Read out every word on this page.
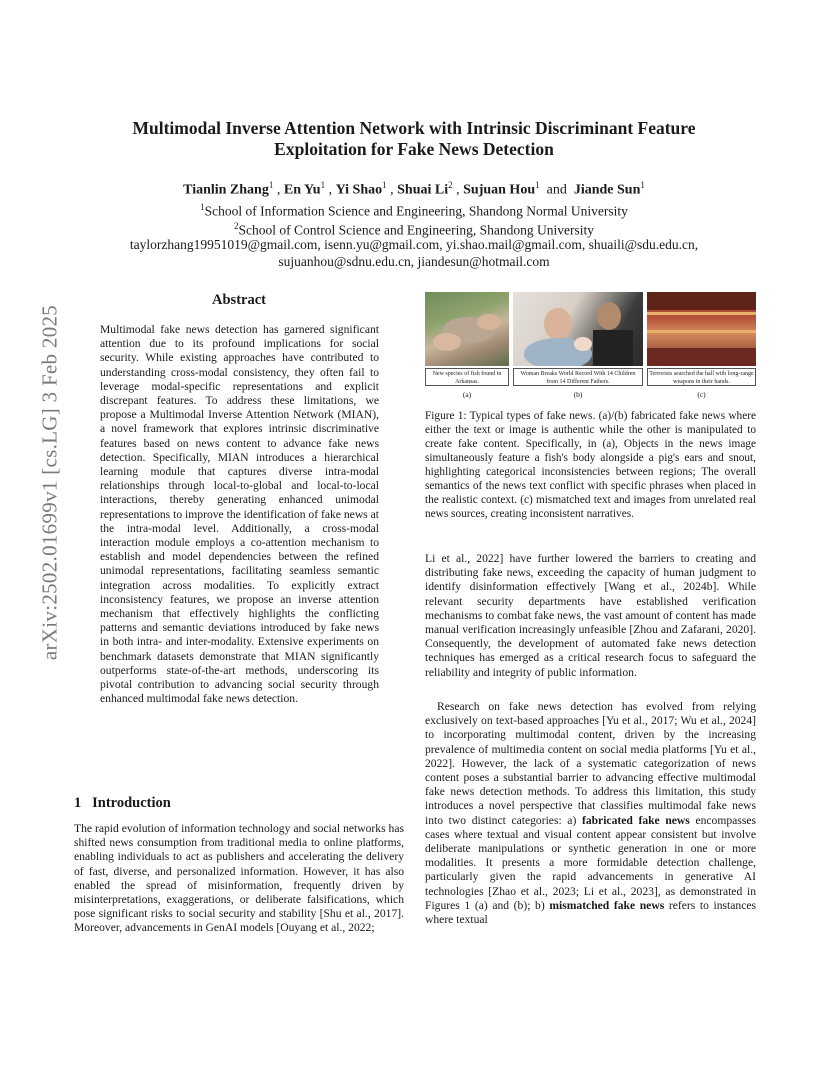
Multimodal Inverse Attention Network with Intrinsic Discriminant Feature
Exploitation for Fake News Detection
Tianlin Zhang$^1$ , En Yu$^1$ , Yi Shao$^1$ , Shuai Li$^2$ , Sujuan Hou$^1$ and Jiande Sun$^1$
$^1$School of Information Science and Engineering, Shandong Normal University
$^2$School of Control Science and Engineering, Shandong University
taylorzhang19951019@gmail.com, isenn.yu@gmail.com, yi.shao.mail@gmail.com, shuaili@sdu.edu.cn,
sujuanhou@sdnu.edu.cn, jiandesun@hotmail.com
arXiv:2502.01699v1 [cs.LG] 3 Feb 2025
Abstract
Multimodal fake news detection has garnered significant attention due to its profound implications for social security. While existing approaches have contributed to understanding cross-modal consistency, they often fail to leverage modal-specific representations and explicit discrepant features. To address these limitations, we propose a Multimodal Inverse Attention Network (MIAN), a novel framework that explores intrinsic discriminative features based on news content to advance fake news detection. Specifically, MIAN introduces a hierarchical learning module that captures diverse intra-modal relationships through local-to-global and local-to-local interactions, thereby generating enhanced unimodal representations to improve the identification of fake news at the intra-modal level. Additionally, a cross-modal interaction module employs a co-attention mechanism to establish and model dependencies between the refined unimodal representations, facilitating seamless semantic integration across modalities. To explicitly extract inconsistency features, we propose an inverse attention mechanism that effectively highlights the conflicting patterns and semantic deviations introduced by fake news in both intra- and inter-modality. Extensive experiments on benchmark datasets demonstrate that MIAN significantly outperforms state-of-the-art methods, underscoring its pivotal contribution to advancing social security through enhanced multimodal fake news detection.
1 Introduction
The rapid evolution of information technology and social networks has shifted news consumption from traditional media to online platforms, enabling individuals to act as publishers and accelerating the delivery of fast, diverse, and personalized information. However, it has also enabled the spread of misinformation, frequently driven by misinterpretations, exaggerations, or deliberate falsifications, which pose significant risks to social security and stability [Shu et al., 2017]. Moreover, advancements in GenAI models [Ouyang et al., 2022;
New species of fish found in Arkansas.
Woman Breaks World Record With 14 Children from 14 Different Fathers.
Terrorists searched the hall with long-range weapons in their hands.
(a)	(b)	(c)
Figure 1: Typical types of fake news. (a)/(b) fabricated fake news where either the text or image is authentic while the other is manipulated to create fake content. Specifically, in (a), Objects in the news image simultaneously feature a fish's body alongside a pig's ears and snout, highlighting categorical inconsistencies between regions; The overall semantics of the news text conflict with specific phrases when placed in the realistic context. (c) mismatched text and images from unrelated real news sources, creating inconsistent narratives.

Li et al., 2022] have further lowered the barriers to creating and distributing fake news, exceeding the capacity of human judgment to identify disinformation effectively [Wang et al., 2024b]. While relevant security departments have established verification mechanisms to combat fake news, the vast amount of content has made manual verification increasingly unfeasible [Zhou and Zafarani, 2020]. Consequently, the development of automated fake news detection techniques has emerged as a critical research focus to safeguard the reliability and integrity of public information.

Research on fake news detection has evolved from relying exclusively on text-based approaches [Yu et al., 2017; Wu et al., 2024] to incorporating multimodal content, driven by the increasing prevalence of multimedia content on social media platforms [Yu et al., 2022]. However, the lack of a systematic categorization of news content poses a substantial barrier to advancing effective multimodal fake news detection methods. To address this limitation, this study introduces a novel perspective that classifies multimodal fake news into two distinct categories: a) fabricated fake news encompasses cases where textual and visual content appear consistent but involve deliberate manipulations or synthetic generation in one or more modalities. It presents a more formidable detection challenge, particularly given the rapid advancements in generative AI technologies [Zhao et al., 2023; Li et al., 2023], as demonstrated in Figures 1 (a) and (b); b) mismatched fake news refers to instances where textual
